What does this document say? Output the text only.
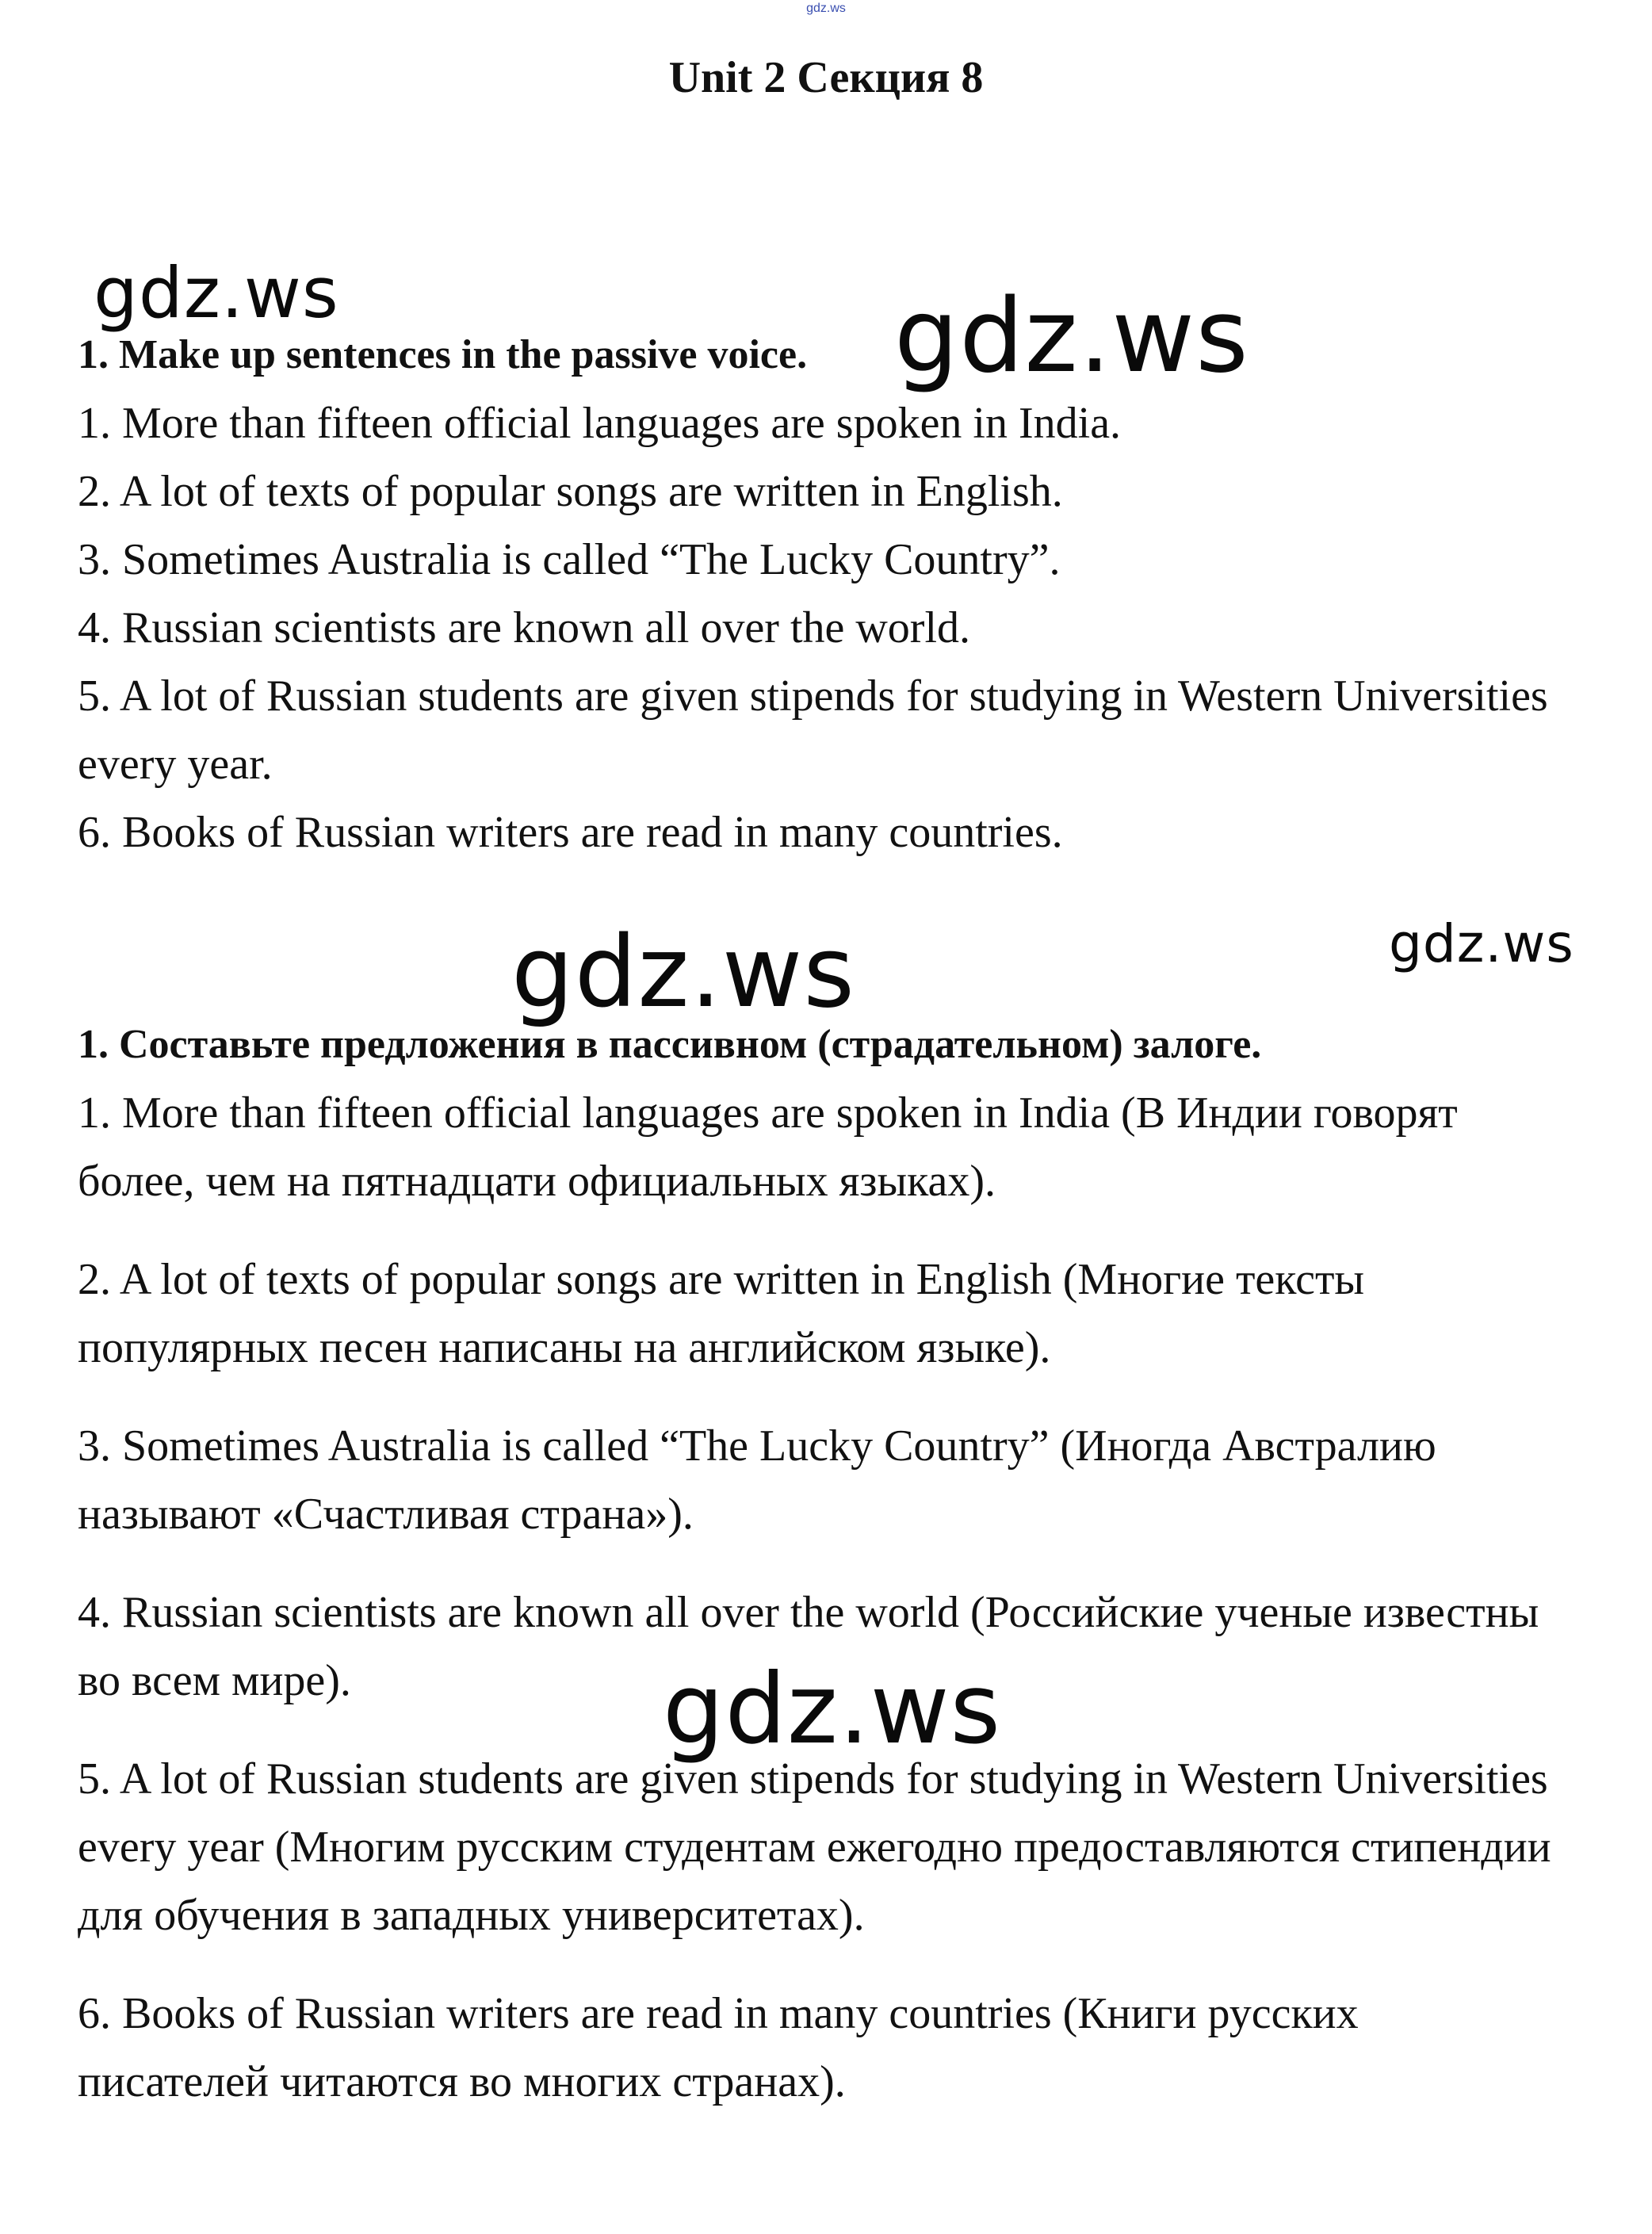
gdz.ws
Unit 2 Секция 8

1. Make up sentences in the passive voice.

1. More than fifteen official languages are spoken in India.

2. A lot of texts of popular songs are written in English.

3. Sometimes Australia is called “The Lucky Country”.

4. Russian scientists are known all over the world.

5. A lot of Russian students are given stipends for studying in Western Universities

every year.

6. Books of Russian writers are read in many countries.

1. Составьте предложения в пассивном (страдательном) залоге.

1. More than fifteen official languages are spoken in India (В Индии говорят

более, чем на пятнадцати официальных языках).

2. A lot of texts of popular songs are written in English (Многие тексты

популярных песен написаны на английском языке).

3. Sometimes Australia is called “The Lucky Country” (Иногда Австралию

называют «Счастливая страна»).

4. Russian scientists are known all over the world (Российские ученые известны

во всем мире).

5. A lot of Russian students are given stipends for studying in Western Universities

every year (Многим русским студентам ежегодно предоставляются стипендии

для обучения в западных университетах).

6. Books of Russian writers are read in many countries (Книги русских

писателей читаются во многих странах).

gdz.ws	gdz.ws
gdz.ws	gdz.ws
gdz.ws
